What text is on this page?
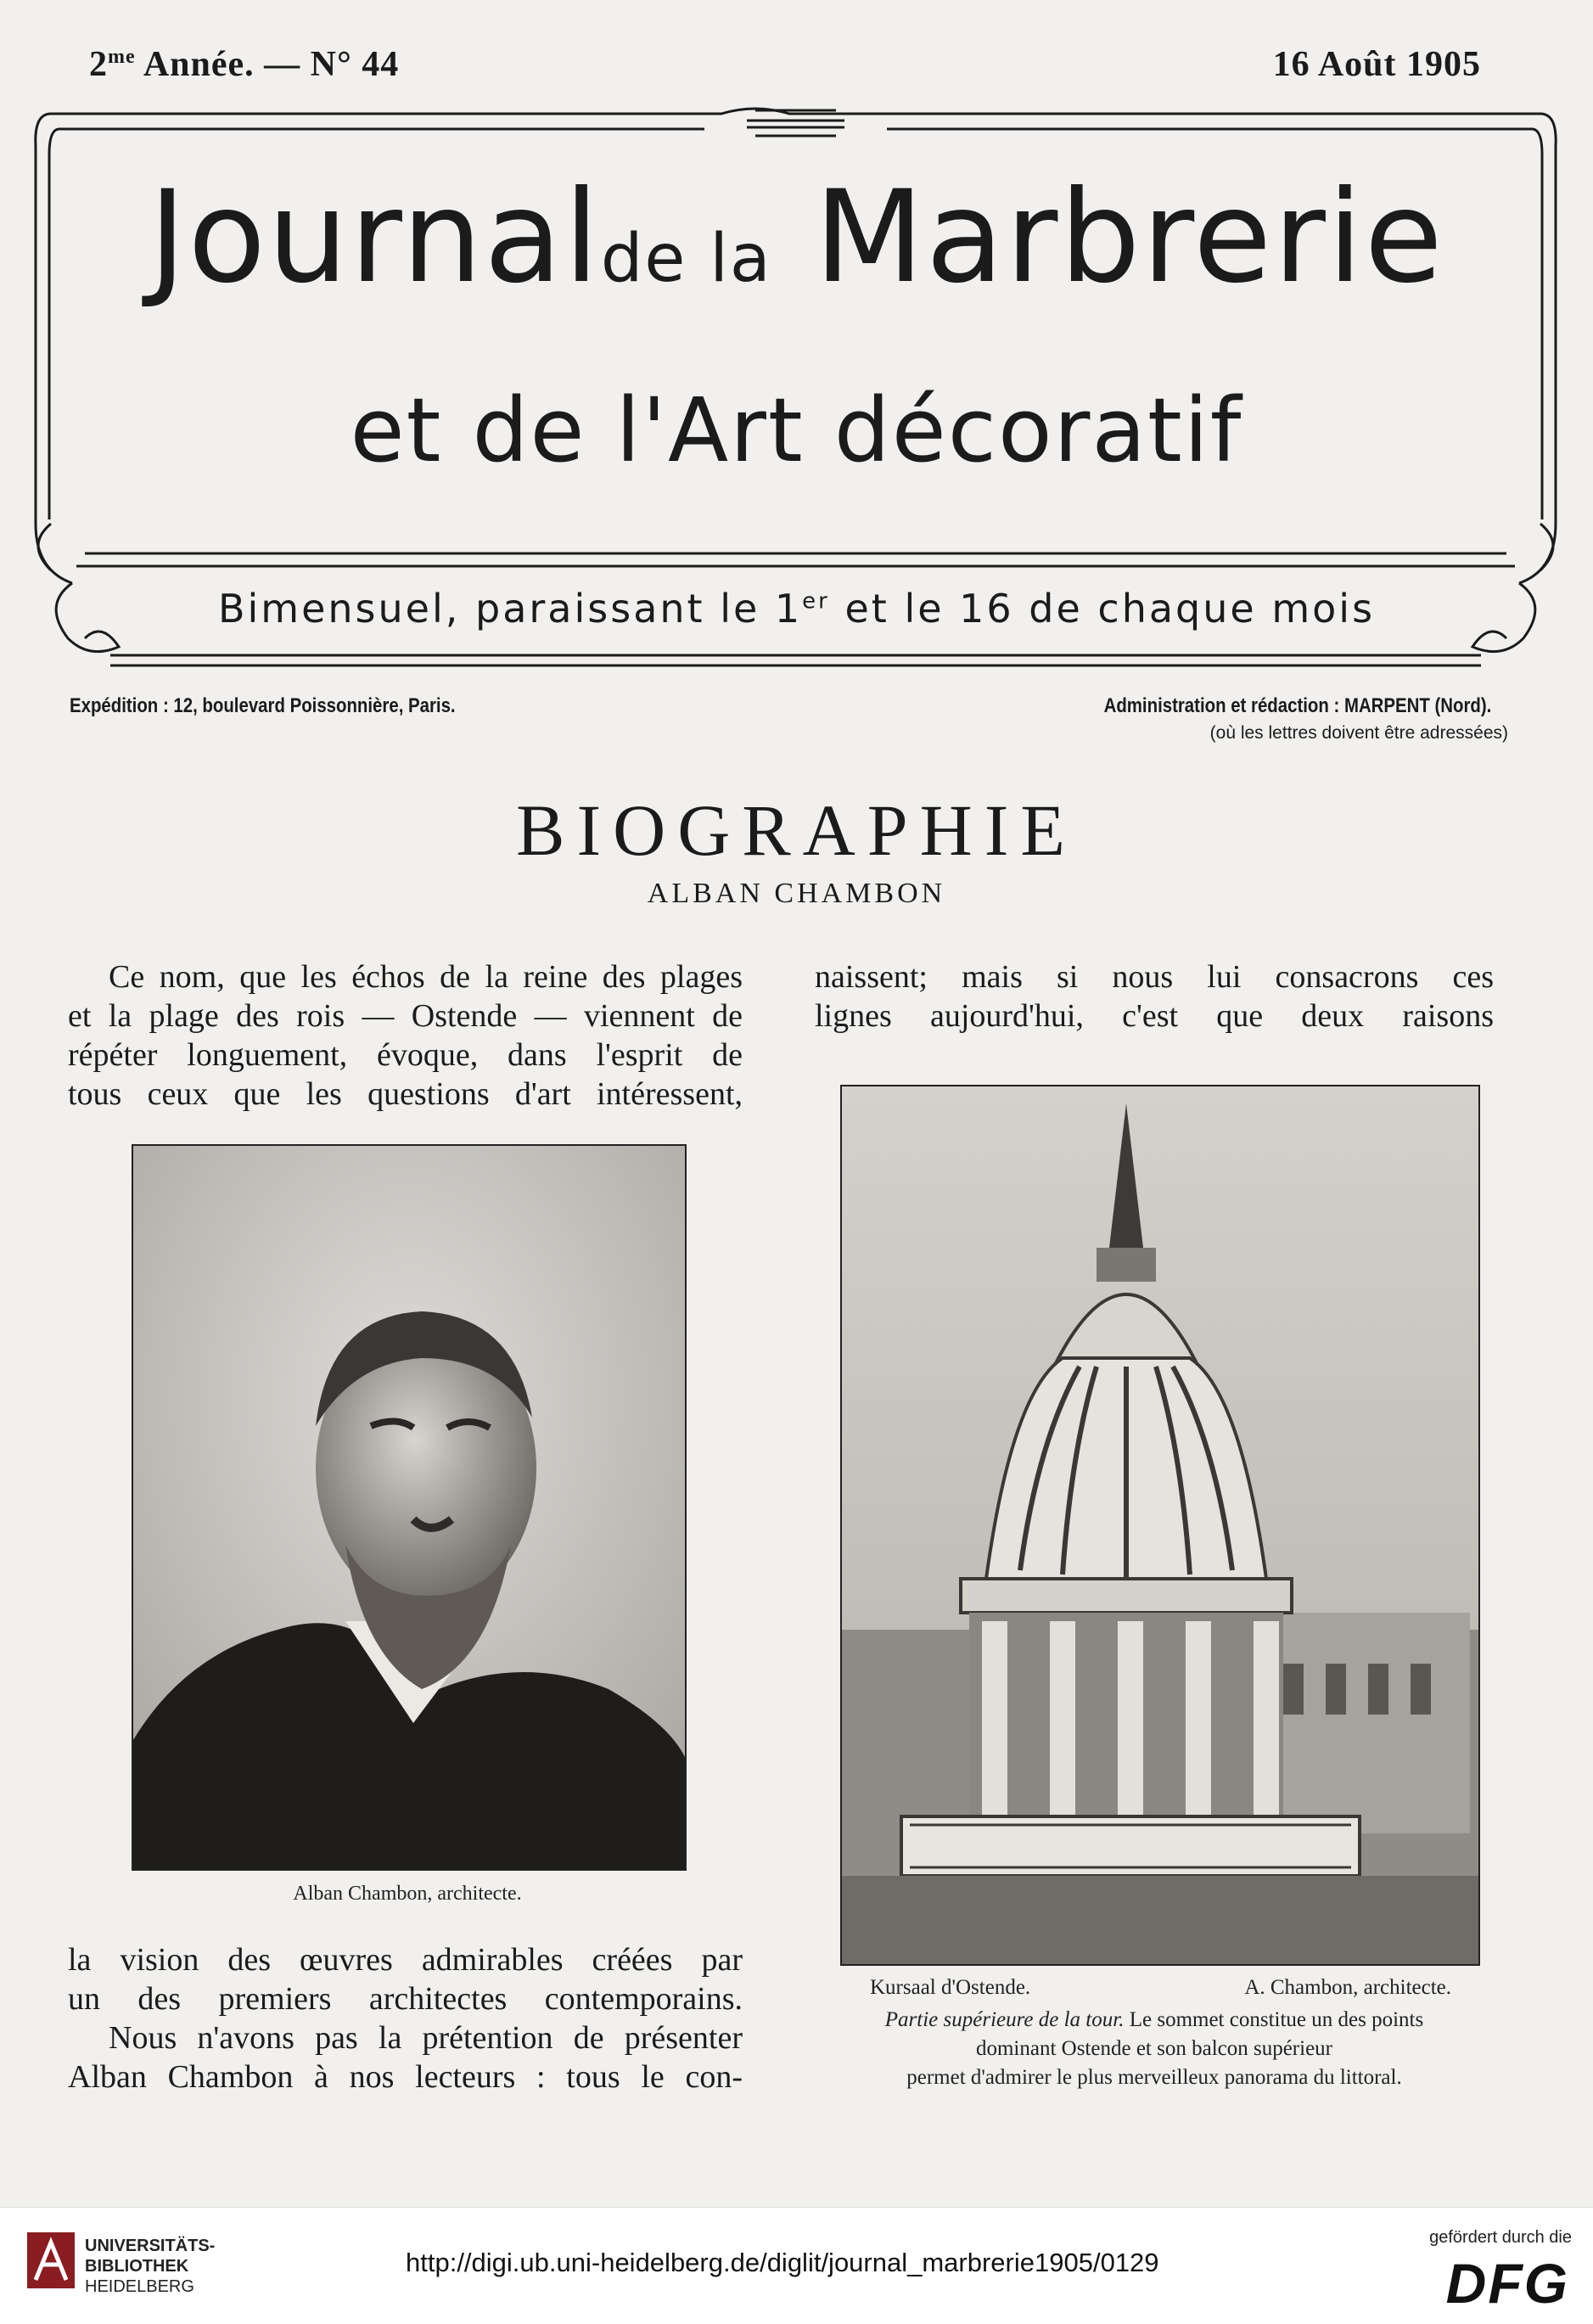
$2^{me}$ Année. — N° 44	16 Août 1905
Journalde la Marbrerie
et de l'Art décoratif
Bimensuel, paraissant le 1er et le 16 de chaque mois
Expédition : 12, boulevard Poissonnière, Paris.	Administration et rédaction : MARPENT (Nord).
(où les lettres doivent être adressées)
BIOGRAPHIE
ALBAN CHAMBON

Ce nom, que les échos de la reine des plages

et la plage des rois — Ostende — viennent de

répéter longuement, évoque, dans l'esprit de

tous ceux que les questions d'art intéressent,

Alban Chambon, architecte.

la vision des œuvres admirables créées par

un des premiers architectes contemporains.

Nous n'avons pas la prétention de présenter

Alban Chambon à nos lecteurs : tous le con-

naissent; mais si nous lui consacrons ces

lignes aujourd'hui, c'est que deux raisons

Kursaal d'Ostende.	A. Chambon, architecte.
Partie supérieure de la tour. Le sommet constitue un des points
dominant Ostende et son balcon supérieur
permet d'admirer le plus merveilleux panorama du littoral.
UNIVERSITÄTS-
BIBLIOTHEK
HEIDELBERG
http://digi.ub.uni-heidelberg.de/diglit/journal_marbrerie1905/0129
gefördert durch die
DFG
